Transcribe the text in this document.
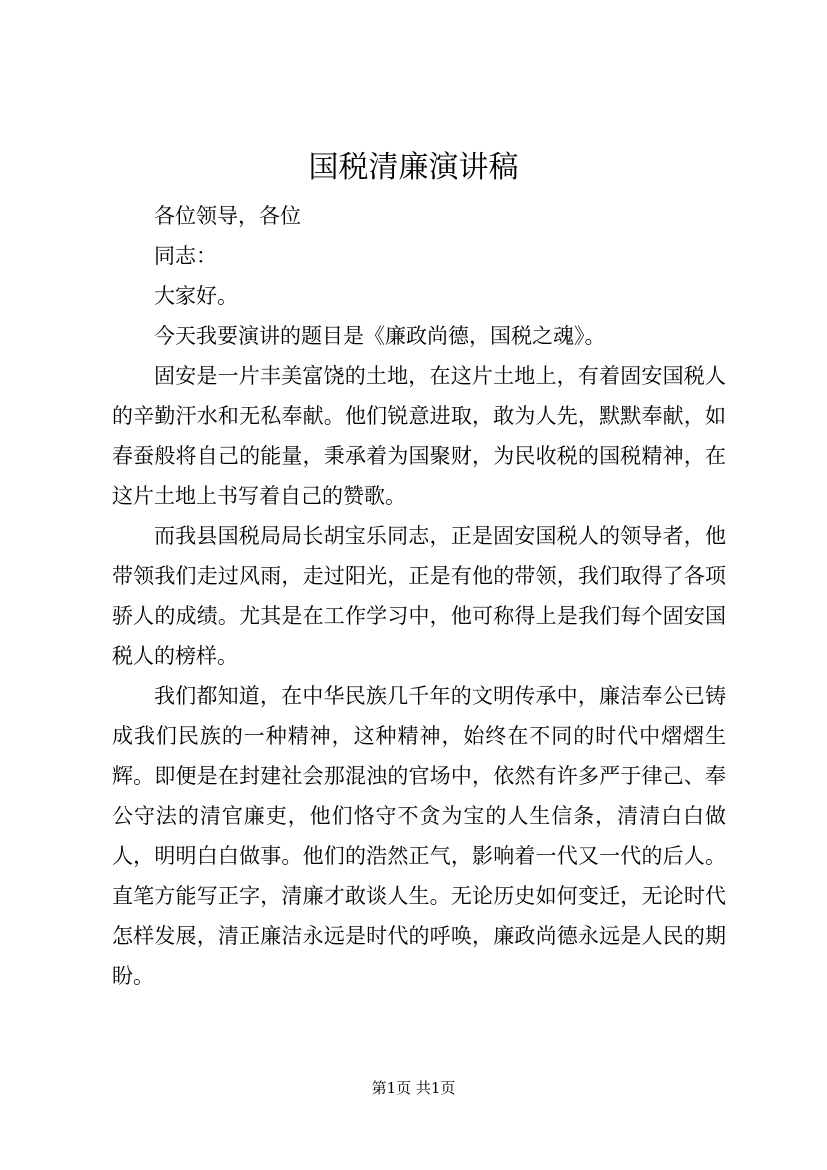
国税清廉演讲稿

各位领导，各位

同志：

大家好。

今天我要演讲的题目是《廉政尚德，国税之魂》。

固安是一片丰美富饶的土地，在这片土地上，有着固安国税人的辛勤汗水和无私奉献。他们锐意进取，敢为人先，默默奉献，如春蚕般将自己的能量，秉承着为国聚财，为民收税的国税精神，在这片土地上书写着自己的赞歌。

而我县国税局局长胡宝乐同志，正是固安国税人的领导者，他带领我们走过风雨，走过阳光，正是有他的带领，我们取得了各项骄人的成绩。尤其是在工作学习中，他可称得上是我们每个固安国税人的榜样。

我们都知道，在中华民族几千年的文明传承中，廉洁奉公已铸成我们民族的一种精神，这种精神，始终在不同的时代中熠熠生辉。即便是在封建社会那混浊的官场中，依然有许多严于律己、奉公守法的清官廉吏，他们恪守不贪为宝的人生信条，清清白白做人，明明白白做事。他们的浩然正气，影响着一代又一代的后人。直笔方能写正字，清廉才敢谈人生。无论历史如何变迁，无论时代怎样发展，清正廉洁永远是时代的呼唤，廉政尚德永远是人民的期盼。

第1页 共1页
